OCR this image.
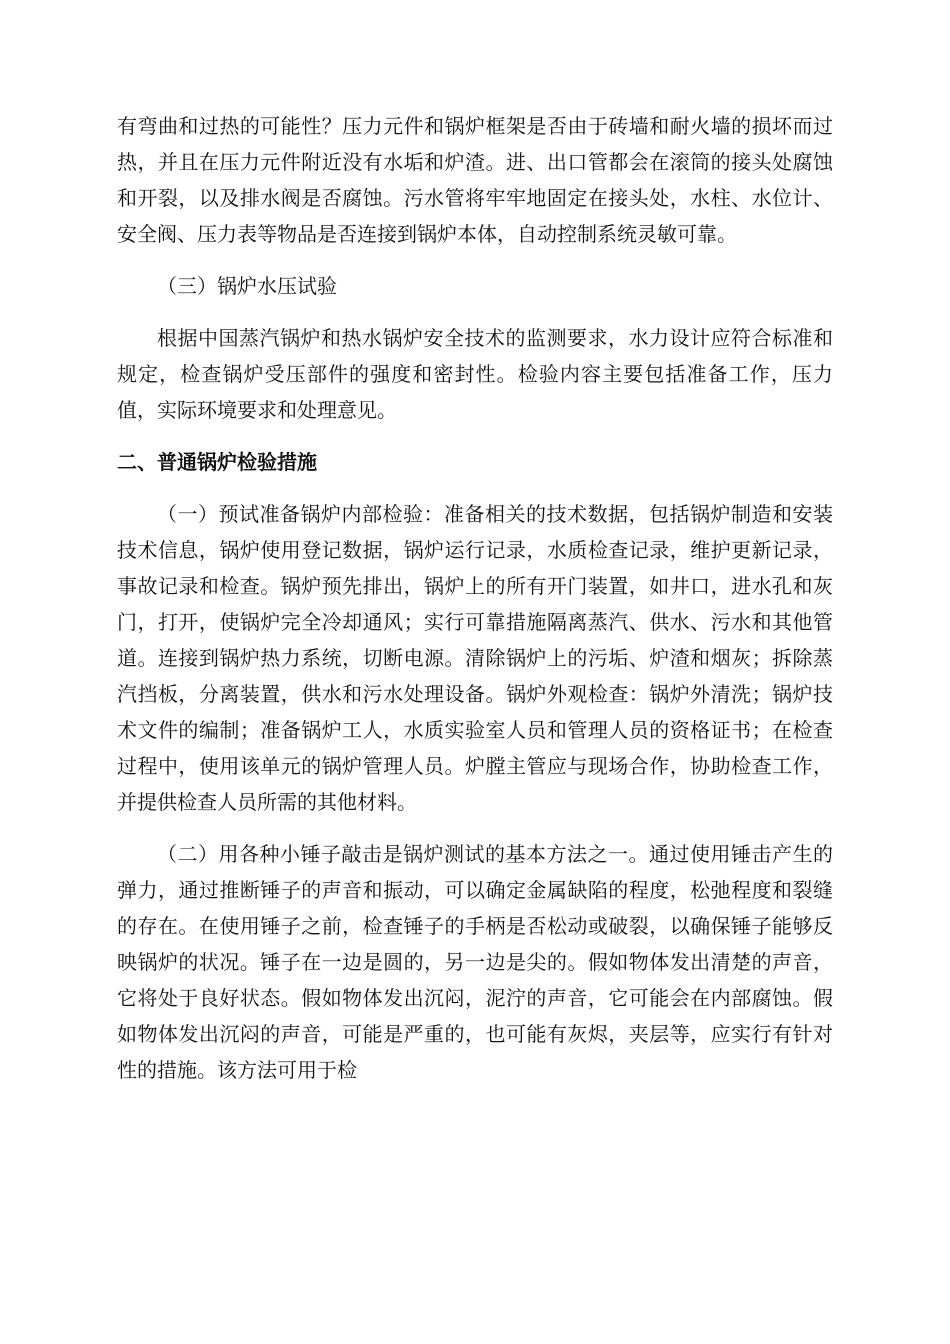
有弯曲和过热的可能性？压力元件和锅炉框架是否由于砖墙和耐火墙的损坏而过热，并且在压力元件附近没有水垢和炉渣。进、出口管都会在滚筒的接头处腐蚀和开裂，以及排水阀是否腐蚀。污水管将牢牢地固定在接头处，水柱、水位计、安全阀、压力表等物品是否连接到锅炉本体，自动控制系统灵敏可靠。

（三）锅炉水压试验

根据中国蒸汽锅炉和热水锅炉安全技术的监测要求，水力设计应符合标准和规定，检查锅炉受压部件的强度和密封性。检验内容主要包括准备工作，压力值，实际环境要求和处理意见。

二、普通锅炉检验措施

（一）预试准备锅炉内部检验：准备相关的技术数据，包括锅炉制造和安装技术信息，锅炉使用登记数据，锅炉运行记录，水质检查记录，维护更新记录，事故记录和检查。锅炉预先排出，锅炉上的所有开门装置，如井口，进水孔和灰门，打开，使锅炉完全冷却通风；实行可靠措施隔离蒸汽、供水、污水和其他管道。连接到锅炉热力系统，切断电源。清除锅炉上的污垢、炉渣和烟灰；拆除蒸汽挡板，分离装置，供水和污水处理设备。锅炉外观检查：锅炉外清洗；锅炉技术文件的编制；准备锅炉工人，水质实验室人员和管理人员的资格证书；在检查过程中，使用该单元的锅炉管理人员。炉膛主管应与现场合作，协助检查工作，并提供检查人员所需的其他材料。

（二）用各种小锤子敲击是锅炉测试的基本方法之一。通过使用锤击产生的弹力，通过推断锤子的声音和振动，可以确定金属缺陷的程度，松弛程度和裂缝的存在。在使用锤子之前，检查锤子的手柄是否松动或破裂，以确保锤子能够反映锅炉的状况。锤子在一边是圆的，另一边是尖的。假如物体发出清楚的声音，它将处于良好状态。假如物体发出沉闷，泥泞的声音，它可能会在内部腐蚀。假如物体发出沉闷的声音，可能是严重的，也可能有灰烬，夹层等，应实行有针对性的措施。该方法可用于检
